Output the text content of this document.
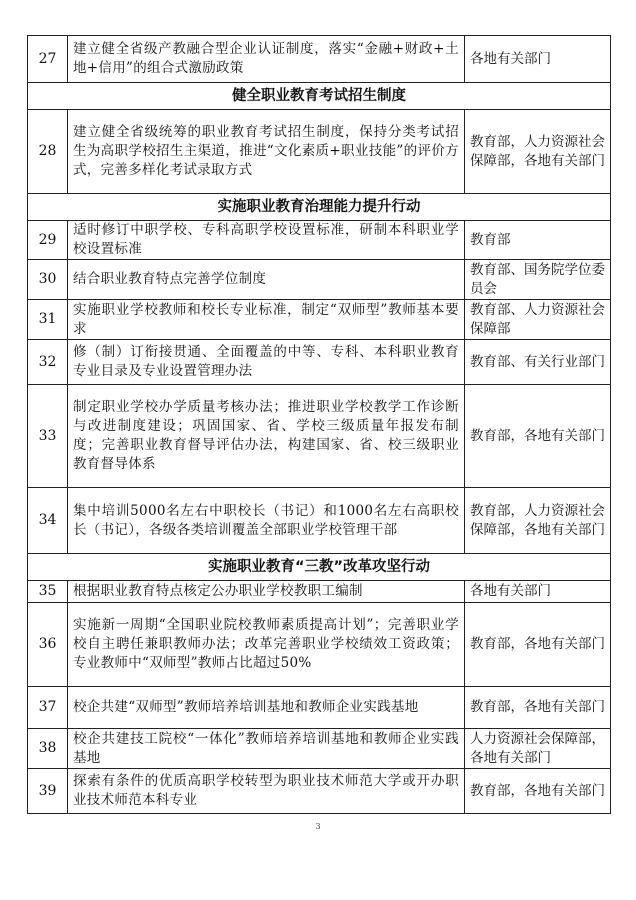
27	建立健全省级产教融合型企业认证制度，落实“金融+财政+土地+信用”的组合式激励政策	各地有关部门
健全职业教育考试招生制度		
28	建立健全省级统筹的职业教育考试招生制度，保持分类考试招生为高职学校招生主渠道，推进“文化素质+职业技能”的评价方式，完善多样化考试录取方式	教育部，人力资源社会保障部，各地有关部门
实施职业教育治理能力提升行动		
29	适时修订中职学校、专科高职学校设置标准，研制本科职业学校设置标准	教育部
30	结合职业教育特点完善学位制度	教育部、国务院学位委员会
31	实施职业学校教师和校长专业标准，制定“双师型”教师基本要求	教育部、人力资源社会保障部
32	修（制）订衔接贯通、全面覆盖的中等、专科、本科职业教育专业目录及专业设置管理办法	教育部、有关行业部门
33	制定职业学校办学质量考核办法；推进职业学校教学工作诊断与改进制度建设；巩固国家、省、学校三级质量年报发布制度；完善职业教育督导评估办法，构建国家、省、校三级职业教育督导体系	教育部，各地有关部门
34	集中培训5000名左右中职校长（书记）和1000名左右高职校长（书记），各级各类培训覆盖全部职业学校管理干部	教育部，人力资源社会保障部，各地有关部门
实施职业教育“三教”改革攻坚行动		
35	根据职业教育特点核定公办职业学校教职工编制	各地有关部门
36	实施新一周期“全国职业院校教师素质提高计划”；完善职业学校自主聘任兼职教师办法；改革完善职业学校绩效工资政策；专业教师中“双师型”教师占比超过50%	教育部，各地有关部门
37	校企共建“双师型”教师培养培训基地和教师企业实践基地	教育部，各地有关部门
38	校企共建技工院校“一体化”教师培养培训基地和教师企业实践基地	人力资源社会保障部，各地有关部门
39	探索有条件的优质高职学校转型为职业技术师范大学或开办职业技术师范本科专业	教育部，各地有关部门
3
